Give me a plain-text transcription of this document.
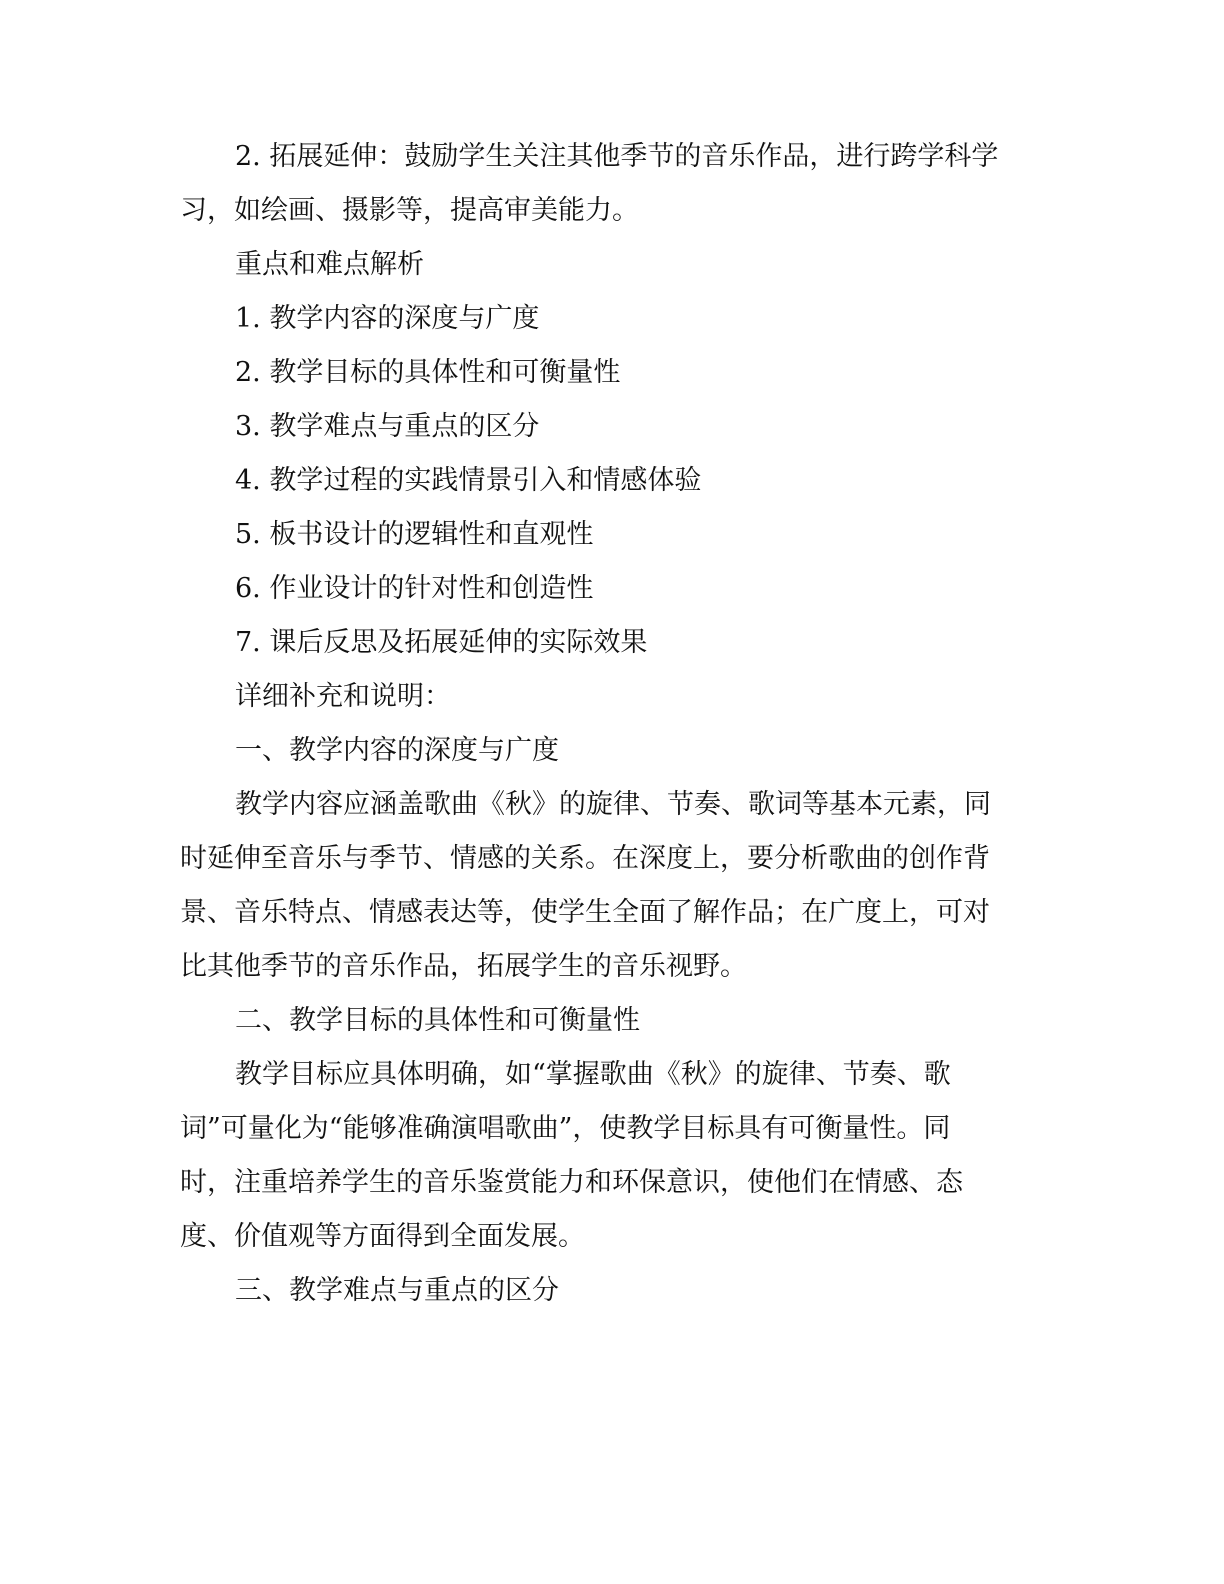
2. 拓展延伸：鼓励学生关注其他季节的音乐作品，进行跨学科学

习，如绘画、摄影等，提高审美能力。

重点和难点解析

1. 教学内容的深度与广度

2. 教学目标的具体性和可衡量性

3. 教学难点与重点的区分

4. 教学过程的实践情景引入和情感体验

5. 板书设计的逻辑性和直观性

6. 作业设计的针对性和创造性

7. 课后反思及拓展延伸的实际效果

详细补充和说明：

一、教学内容的深度与广度

教学内容应涵盖歌曲《秋》的旋律、节奏、歌词等基本元素，同

时延伸至音乐与季节、情感的关系。在深度上，要分析歌曲的创作背

景、音乐特点、情感表达等，使学生全面了解作品；在广度上，可对

比其他季节的音乐作品，拓展学生的音乐视野。

二、教学目标的具体性和可衡量性

教学目标应具体明确，如“掌握歌曲《秋》的旋律、节奏、歌

词”可量化为“能够准确演唱歌曲”，使教学目标具有可衡量性。同

时，注重培养学生的音乐鉴赏能力和环保意识，使他们在情感、态

度、价值观等方面得到全面发展。

三、教学难点与重点的区分
